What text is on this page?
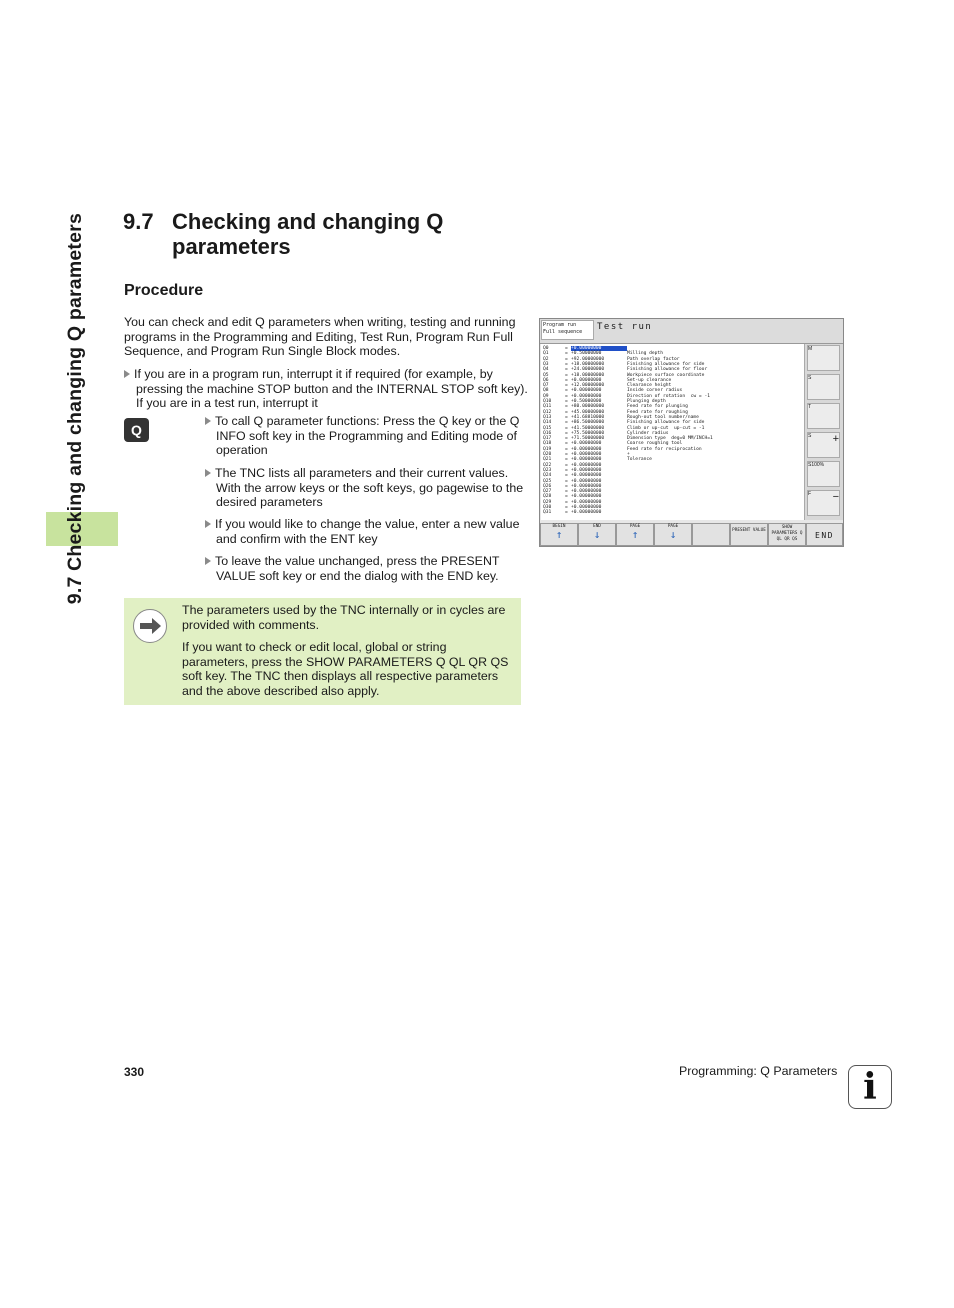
9.7 Checking and changing Q parameters 9.7 Checking and changing Q parameters
Procedure
You can check and edit Q parameters when writing, testing and running programs in the Programming and Editing, Test Run, Program Run Full Sequence, and Program Run Single Block modes.
If you are in a program run, interrupt it if required (for example, by pressing the machine STOP button and the INTERNAL STOP soft key). If you are in a test run, interrupt it
Q
To call Q parameter functions: Press the Q key or the Q INFO soft key in the Programming and Editing mode of operation
The TNC lists all parameters and their current values. With the arrow keys or the soft keys, go pagewise to the desired parameters
If you would like to change the value, enter a new value and confirm with the ENT key
To leave the value unchanged, press the PRESENT VALUE soft key or end the dialog with the END key.
The parameters used by the TNC internally or in cycles are provided with comments.
If you want to check or edit local, global or string parameters, press the SHOW PARAMETERS Q QL QR QS soft key. The TNC then displays all respective parameters and the above described also apply.
Program run
Full sequence	Test run
Q0	= +0.00000000
Q1	= +0.50000000	Milling depth
Q2	= +92.00000000	Path overlap factor
Q3	= +18.00000000	Finishing allowance for side
Q4	= +24.00000000	Finishing allowance for floor
Q5	= +18.00000000	Workpiece surface coordinate
Q6	= +0.00000000	Set-up clearance
Q7	= +12.00000000	Clearance height
Q8	= +0.00000000	Inside corner radius
Q9	= +0.00000000	Direction of rotation  cw = -1
Q10	= +0.50000000	Plunging depth
Q11	= +80.00000000	Feed rate for plunging
Q12	= +45.00000000	Feed rate for roughing
Q13	= +41.68810000	Rough-out tool number/name
Q14	= +86.50000000	Finishing allowance for side
Q15	= +41.50000000	Climb or up-cut  up-cut = -1
Q16	= +75.50000000	Cylinder radius
Q17	= +71.50000000	Dimension type  deg=0 MM/INCH=1
Q18	= +0.00000000	Coarse roughing tool
Q19	= +0.00000000	Feed rate for reciprocation
Q20	= +0.00000000	+
Q21	= +0.00000000	Tolerance
Q22	= +0.00000000
Q23	= +0.00000000
Q24	= +0.00000000
Q25	= +0.00000000
Q26	= +0.00000000
Q27	= +0.00000000
Q28	= +0.00000000
Q29	= +0.00000000
Q30	= +0.00000000
Q31	= +0.00000000
M
S
T
S +
S100%
F −
BEGIN
↑
END
↓
PAGE
↑
PAGE
↓	PRESENT VALUE
SHOW PARAMETERS Q QL QR QS	END
330	Programming: Q Parameters i
